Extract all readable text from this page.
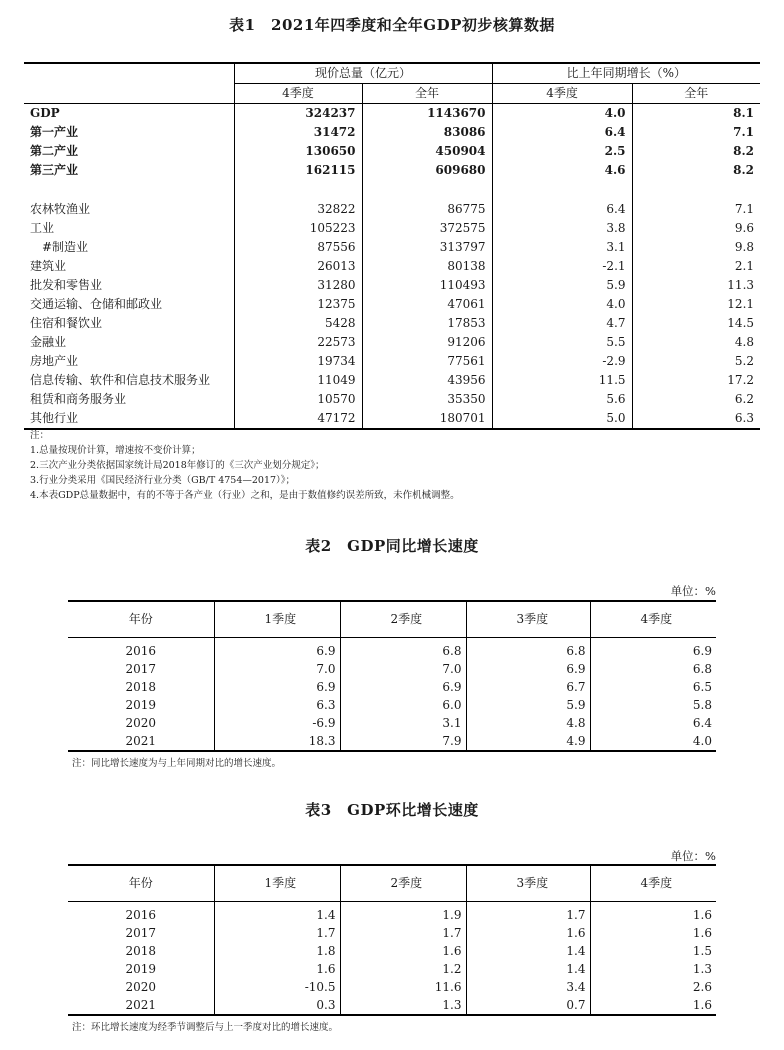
表1　2021年四季度和全年GDP初步核算数据
	现价总量（亿元）		比上年同期增长（%）	
	4季度	全年	4季度	全年
GDP	324237	1143670	4.0	8.1
第一产业	31472	83086	6.4	7.1
第二产业	130650	450904	2.5	8.2
第三产业	162115	609680	4.6	8.2

农林牧渔业	32822	86775	6.4	7.1
工业	105223	372575	3.8	9.6
#制造业	87556	313797	3.1	9.8
建筑业	26013	80138	-2.1	2.1
批发和零售业	31280	110493	5.9	11.3
交通运输、仓储和邮政业	12375	47061	4.0	12.1
住宿和餐饮业	5428	17853	4.7	14.5
金融业	22573	91206	5.5	4.8
房地产业	19734	77561	-2.9	5.2
信息传输、软件和信息技术服务业	11049	43956	11.5	17.2
租赁和商务服务业	10570	35350	5.6	6.2
其他行业	47172	180701	5.0	6.3
注：
1.总量按现价计算，增速按不变价计算；
2.三次产业分类依据国家统计局2018年修订的《三次产业划分规定》；
3.行业分类采用《国民经济行业分类（GB/T 4754—2017）》；
4.本表GDP总量数据中，有的不等于各产业（行业）之和，是由于数值修约误差所致，未作机械调整。
表2　GDP同比增长速度
单位：%
年份	1季度	2季度	3季度	4季度
2016	6.9	6.8	6.8	6.9
2017	7.0	7.0	6.9	6.8
2018	6.9	6.9	6.7	6.5
2019	6.3	6.0	5.9	5.8
2020	-6.9	3.1	4.8	6.4
2021	18.3	7.9	4.9	4.0
注：同比增长速度为与上年同期对比的增长速度。
表3　GDP环比增长速度
单位：%
年份	1季度	2季度	3季度	4季度
2016	1.4	1.9	1.7	1.6
2017	1.7	1.7	1.6	1.6
2018	1.8	1.6	1.4	1.5
2019	1.6	1.2	1.4	1.3
2020	-10.5	11.6	3.4	2.6
2021	0.3	1.3	0.7	1.6
注：环比增长速度为经季节调整后与上一季度对比的增长速度。
